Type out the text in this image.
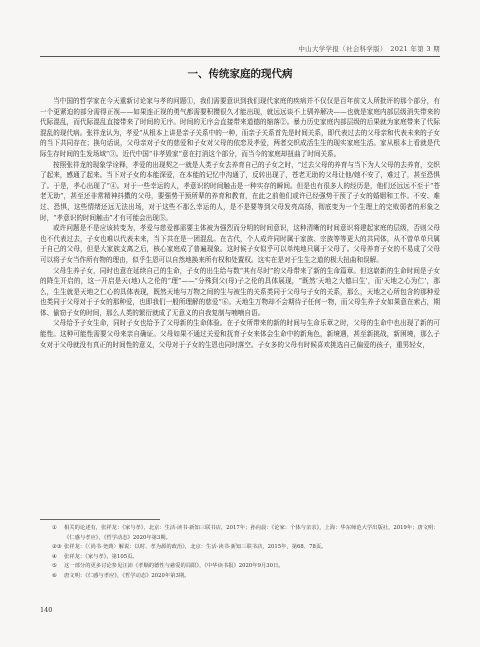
中山大学学报（社会科学版）　2021 年第 3 期
一、传统家庭的现代病

当中国的哲学家在今天重新讨论家与孝的问题①，我们需要意识到我们现代家庭的疾病并不仅仅是百年前文人所批评的那个部分，有一个更紧迫的部分需得正视——如果连正视的勇气都需要积攒很久才能出现，就远远谈不上驯养解决——也就是家庭内部层级消失带来的代际混乱，而代际混乱直接带来了时间的无序。时间的无序会直接带来道德的缩落②。暴力历史家庭内部层级的后果就为家庭带来了代际混乱的现代病。张祥龙认为，孝爱“从根本上讲是亲子关系中的一种，而亲子关系首先是时间关系，即代表过去的父母亲和代表未来的子女的当下共同存在；换句话说，父母亲对子女的慈爱和子女对父母的依恋及孝爱，两者交织成活生生的现实家庭生活。家从根本上看就是代际生存时间的生发场域”③。近代中国“非孝毁家”意在打消这个部分，而当今的家庭却扭曲了时间关系。

按照张祥龙的现象学诠释，孝爱的出现契之一就是人类子女去养育自己的子女之时，“过去父母的养育与当下为人父母的去养育，交织了起来，感通了起来。当下对子女的本能深爱，在本能的记忆中沟通了，反转出现了，苍老无助的父母让他/她不安了，难过了，甚至恐惧了。于是，孝心出现了”④。对于一些幸运的人，孝意识的时间触击是一种实存的瞬间。但是也有很多人的经历是，他们还远远不至于“苍老无助”，甚至还非常精神抖擞的父母，要强势干预所辈的养育和教育，在此之前他们或许已经强势干预了子女的婚姻和工作。不安、难过、恐惧，这些情绪还远无法出场，对于这些不那么幸运的人，是不是要等到父母发亮高扬，彻底变为一个生理上的完败弱者的形象之时，“孝意识的时间触击”才有可能会出现⑤。

或许问题是不是应该转变为，孝爱与慈爱都需要主体被为强烈而分明的时间意识，这种清晰的时间意识将建起家庭的层级，否则父母也不代表过去，子女也难以代表未来，当下共在是一团混乱。在古代，个人成许同时属于家族、宗族等等更大的共同体，从不曾单单只属于自己的父母，但是大家族支离之后，核心家庭成了普遍现象。这时候子女似乎可以单纯地只属于父母了。父母养育子女的不易成了父母可以将子女当作所有物的理由，似乎生恩可以自然地换来所有权和处置权。这实在是对于生生之道的极大扭曲和误解。

父母生养子女，同时也意在延续自己的生命，子女的出生给与数“其有尽时”的父母带来了新的生命篇章。但这崭新的生命时间是子女的降生开启的，这一开启是天(地)人之伦的“理”——“分殊到父(母)子之伦的具体展现，“既然‘天地之大德曰生’，而‘天地之心为仁’，那么，生生就是天地之仁心的具体表现，既然天地与万物之间的生与被生的关系类同于父母与子女的关系，那么，天地之心所包含的那种爱也类同于父母对于子女的那种爱，也即我们一般所理解的慈爱”⑥。天地生万物却不会期待子任何一物，而父母生养子女如果意在索占，期体、偷窃子女的时间，那么人类的繁衍就成了无意义的自我复制与喃喃自语。

父母给予子女生命，同时子女也给予了父母新的生命体验。在子女所带来的新的时间与生命乐章之时，父母的生命中也出现了新的可能性。这种可能性需要父母来亲自确证。父母如果不通过关爱和抚育子女来体会生命中的新角色，新境遇，甚至新挑战，新困境，那么子女对于父母就没有真正的时间性的意义，父母对于子女的生恩也同时落空。子女多的父母有时候喜欢挑选自己偏爱的孩子，重男轻女，

①	相关的论述有，张祥龙：《家与孝》，北京：生活·读书·新知三联书店，2017年；孙向晨：《论家：个体与亲亲》，上海：华东师范大学出版社，2019年；唐文明：《仁感与孝应》，《哲学动态》2020年第3期。
②③ 张祥龙：《〈尚书·尧典〉解说：以时、孝为源的政治》，北京：生活·读书·新知三联书店，2015年，第68、78页。
④	张祥龙：《家与孝》，第105页。
⑤	这一部分的更多讨论参见汪沛《孝顺的德性与慈爱的局限》，《中华读书报》2020年9月30日。
⑥	唐文明：《仁感与孝应》，《哲学动态》2020年第3期。
140
